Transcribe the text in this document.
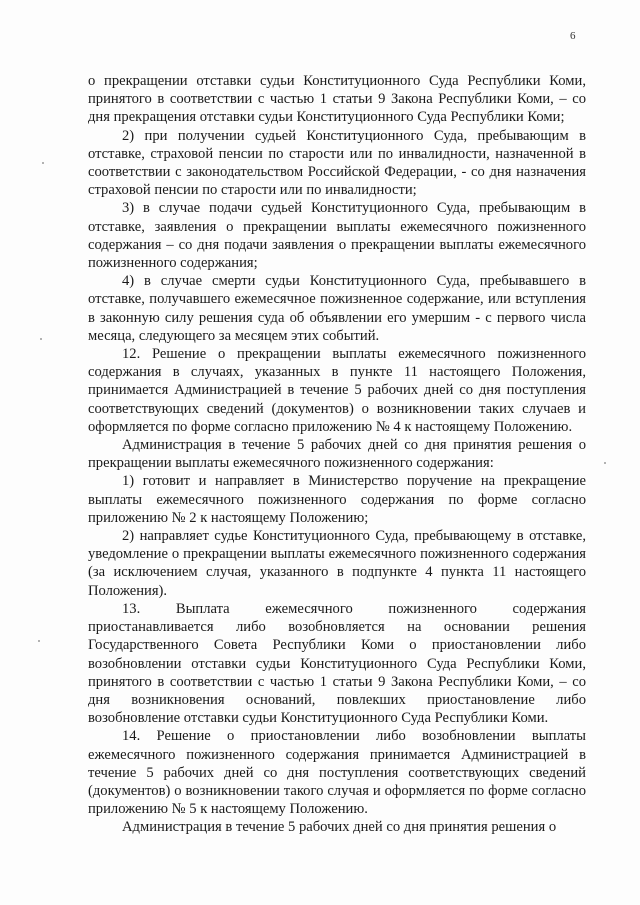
6

о прекращении отставки судьи Конституционного Суда Республики Коми, принятого в соответствии с частью 1 статьи 9 Закона Республики Коми, – со дня прекращения отставки судьи Конституционного Суда Республики Коми;

2) при получении судьей Конституционного Суда, пребывающим в отставке, страховой пенсии по старости или по инвалидности, назначенной в соответствии с законодательством Российской Федерации, - со дня назначения страховой пенсии по старости или по инвалидности;

3) в случае подачи судьей Конституционного Суда, пребывающим в отставке, заявления о прекращении выплаты ежемесячного пожизненного содержания – со дня подачи заявления о прекращении выплаты ежемесячного пожизненного содержания;

4) в случае смерти судьи Конституционного Суда, пребывавшего в отставке, получавшего ежемесячное пожизненное содержание, или вступления в законную силу решения суда об объявлении его умершим - с первого числа месяца, следующего за месяцем этих событий.

12. Решение о прекращении выплаты ежемесячного пожизненного содержания в случаях, указанных в пункте 11 настоящего Положения, принимается Администрацией в течение 5 рабочих дней со дня поступления соответствующих сведений (документов) о возникновении таких случаев и оформляется по форме согласно приложению № 4 к настоящему Положению.

Администрация в течение 5 рабочих дней со дня принятия решения о прекращении выплаты ежемесячного пожизненного содержания:

1) готовит и направляет в Министерство поручение на прекращение выплаты ежемесячного пожизненного содержания по форме согласно приложению № 2 к настоящему Положению;

2) направляет судье Конституционного Суда, пребывающему в отставке, уведомление о прекращении выплаты ежемесячного пожизненного содержания (за исключением случая, указанного в подпункте 4 пункта 11 настоящего Положения).

13. Выплата ежемесячного пожизненного содержания приостанавливается либо возобновляется на основании решения Государственного Совета Республики Коми о приостановлении либо возобновлении отставки судьи Конституционного Суда Республики Коми, принятого в соответствии с частью 1 статьи 9 Закона Республики Коми, – со дня возникновения оснований, повлекших приостановление либо возобновление отставки судьи Конституционного Суда Республики Коми.

14. Решение о приостановлении либо возобновлении выплаты ежемесячного пожизненного содержания принимается Администрацией в течение 5 рабочих дней со дня поступления соответствующих сведений (документов) о возникновении такого случая и оформляется по форме согласно приложению № 5 к настоящему Положению.

Администрация в течение 5 рабочих дней со дня принятия решения о
